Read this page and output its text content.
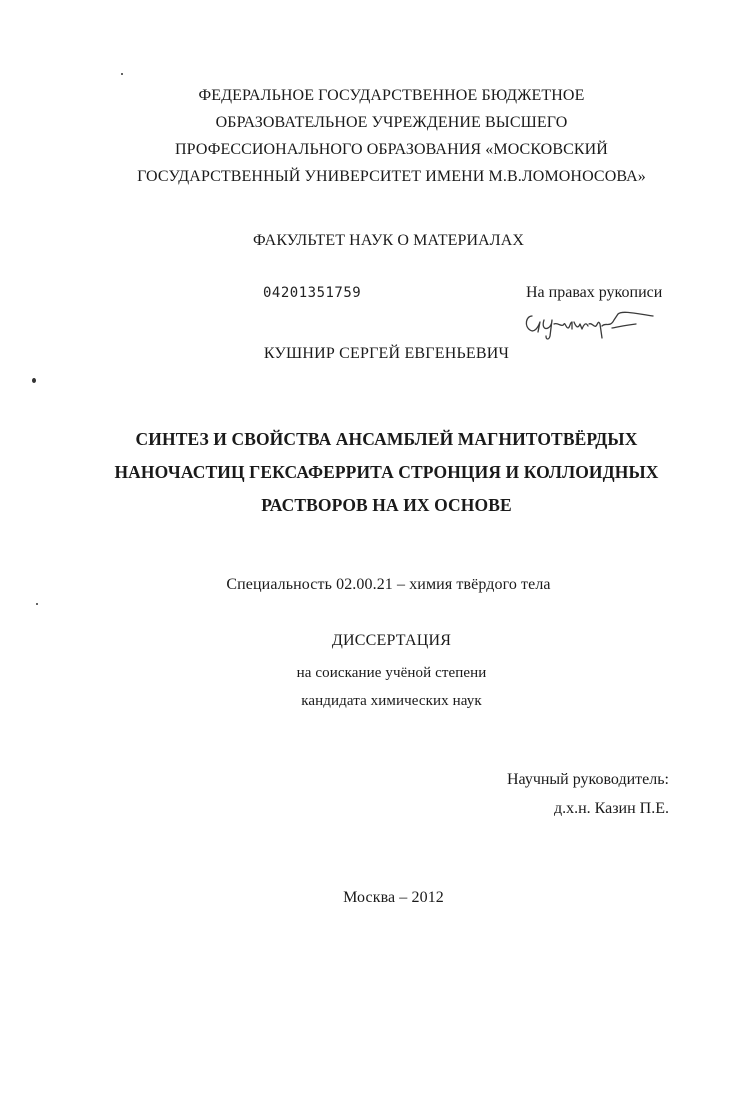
ФЕДЕРАЛЬНОЕ ГОСУДАРСТВЕННОЕ БЮДЖЕТНОЕ
ОБРАЗОВАТЕЛЬНОЕ УЧРЕЖДЕНИЕ ВЫСШЕГО
ПРОФЕССИОНАЛЬНОГО ОБРАЗОВАНИЯ «МОСКОВСКИЙ
ГОСУДАРСТВЕННЫЙ УНИВЕРСИТЕТ ИМЕНИ М.В.ЛОМОНОСОВА»
ФАКУЛЬТЕТ НАУК О МАТЕРИАЛАХ
04201351759	На правах рукописи
КУШНИР СЕРГЕЙ ЕВГЕНЬЕВИЧ
СИНТЕЗ И СВОЙСТВА АНСАМБЛЕЙ МАГНИТОТВЁРДЫХ
НАНОЧАСТИЦ ГЕКСАФЕРРИТА СТРОНЦИЯ И КОЛЛОИДНЫХ
РАСТВОРОВ НА ИХ ОСНОВЕ
Специальность 02.00.21 – химия твёрдого тела
ДИССЕРТАЦИЯ
на соискание учёной степени
кандидата химических наук
Научный руководитель:
д.х.н. Казин П.Е.
Москва – 2012
